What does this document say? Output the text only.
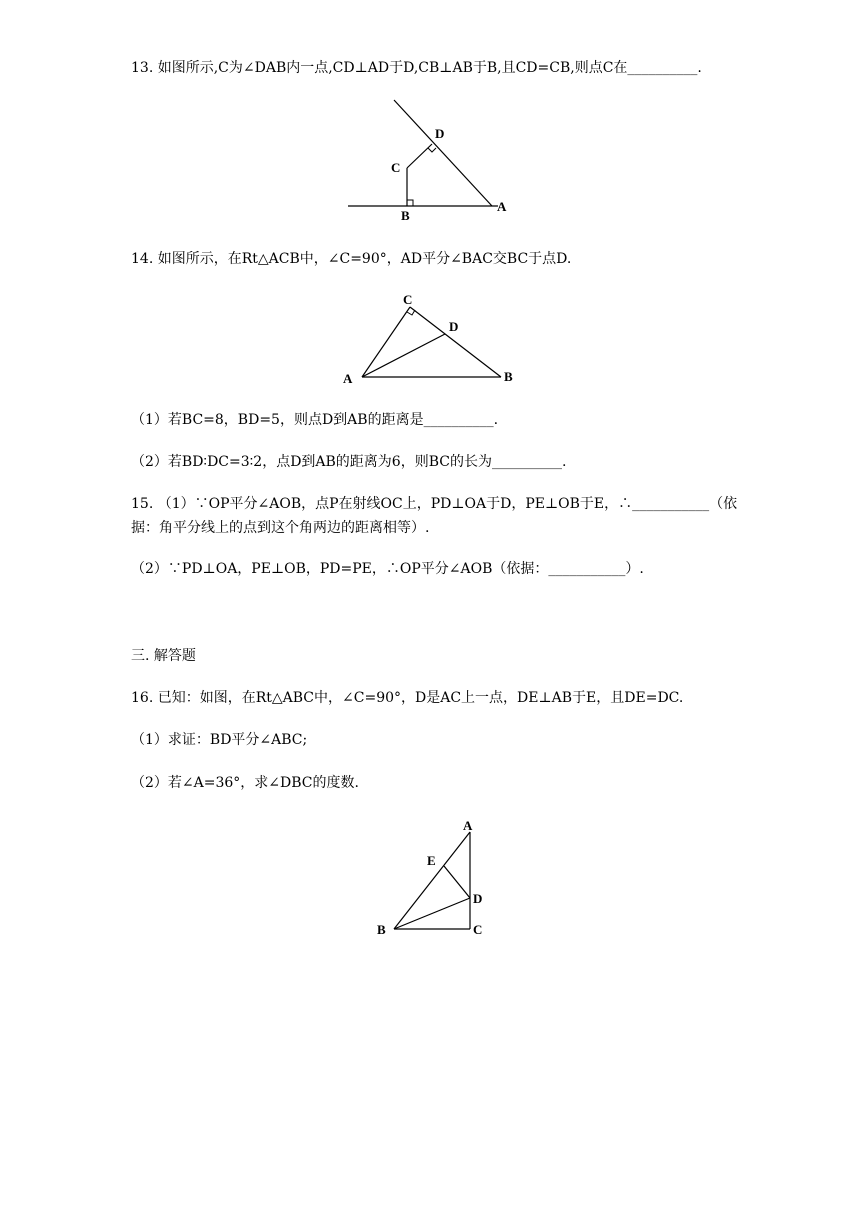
13. 如图所示,C为∠DAB内一点,CD⊥AD于D,CB⊥AB于B,且CD=CB,则点C在__________.
D
C
B
A
14. 如图所示，在Rt△ACB中，∠C=90°，AD平分∠BAC交BC于点D.
C
D
A	B
（1）若BC=8，BD=5，则点D到AB的距离是__________.
（2）若BD∶DC=3∶2，点D到AB的距离为6，则BC的长为__________.
15. （1）∵OP平分∠AOB，点P在射线OC上，PD⊥OA于D，PE⊥OB于E，∴___________（依
据：角平分线上的点到这个角两边的距离相等）.
（2）∵PD⊥OA，PE⊥OB，PD=PE，∴OP平分∠AOB（依据：___________）.
三. 解答题
16. 已知：如图，在Rt△ABC中，∠C=90°，D是AC上一点，DE⊥AB于E，且DE=DC.
（1）求证：BD平分∠ABC;
（2）若∠A=36°，求∠DBC的度数.
A
E
D
B	C
